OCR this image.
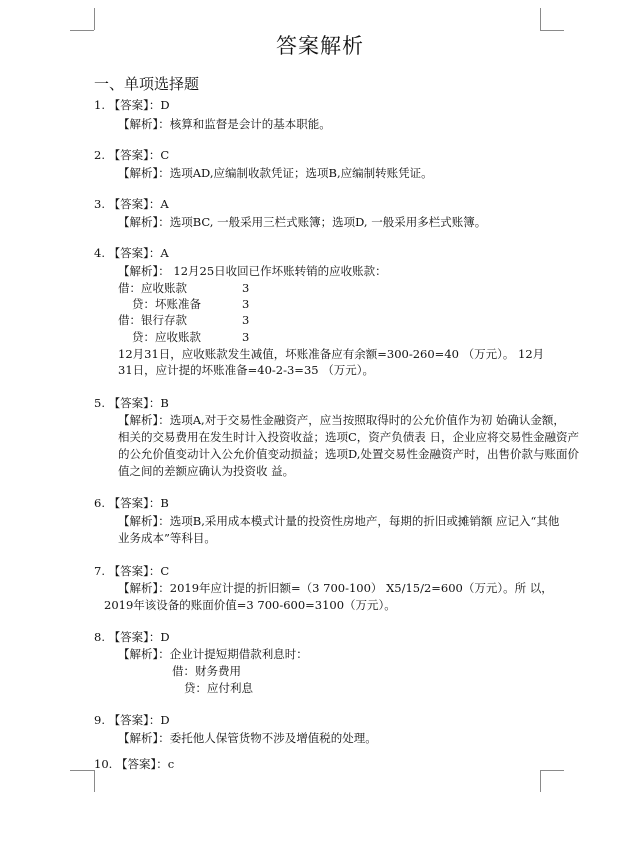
答案解析
一、单项选择题
1. 【答案】：D
【解析】：核算和监督是会计的基本职能。
2. 【答案】：C
【解析】：选项AD,应编制收款凭证；选项B,应编制转账凭证。
3. 【答案】：A
【解析】：选项BC, 一般采用三栏式账簿；选项D, 一般采用多栏式账簿。
4. 【答案】：A
【解析】： 12月25日收回已作坏账转销的应收账款：
借：应收账款	3
贷：坏账准备	3
借：银行存款	3
贷：应收账款	3
12月31日，应收账款发生减值，坏账准备应有余额=300-260=40 （万元）。 12月
31日，应计提的坏账准备=40-2-3=35 （万元）。
5. 【答案】：B
【解析】：选项A,对于交易性金融资产，应当按照取得时的公允价值作为初 始确认金额，
相关的交易费用在发生时计入投资收益；选项C，资产负债表 日，企业应将交易性金融资产
的公允价值变动计入公允价值变动损益；选项D,处置交易性金融资产时，出售价款与账面价
值之间的差额应确认为投资收 益。
6. 【答案】：B
【解析】：选项B,采用成本模式计量的投资性房地产，每期的折旧或摊销额 应记入“其他
业务成本”等科目。
7. 【答案】：C
【解析】：2019年应计提的折旧额=（3 700-100） X5/15/2=600（万元）。所 以，
2019年该设备的账面价值=3 700-600=3100（万元）。
8. 【答案】：D
【解析】：企业计提短期借款利息时：
借：财务费用
贷：应付利息
9. 【答案】：D
【解析】：委托他人保管货物不涉及增值税的处理。
10. 【答案】：c
